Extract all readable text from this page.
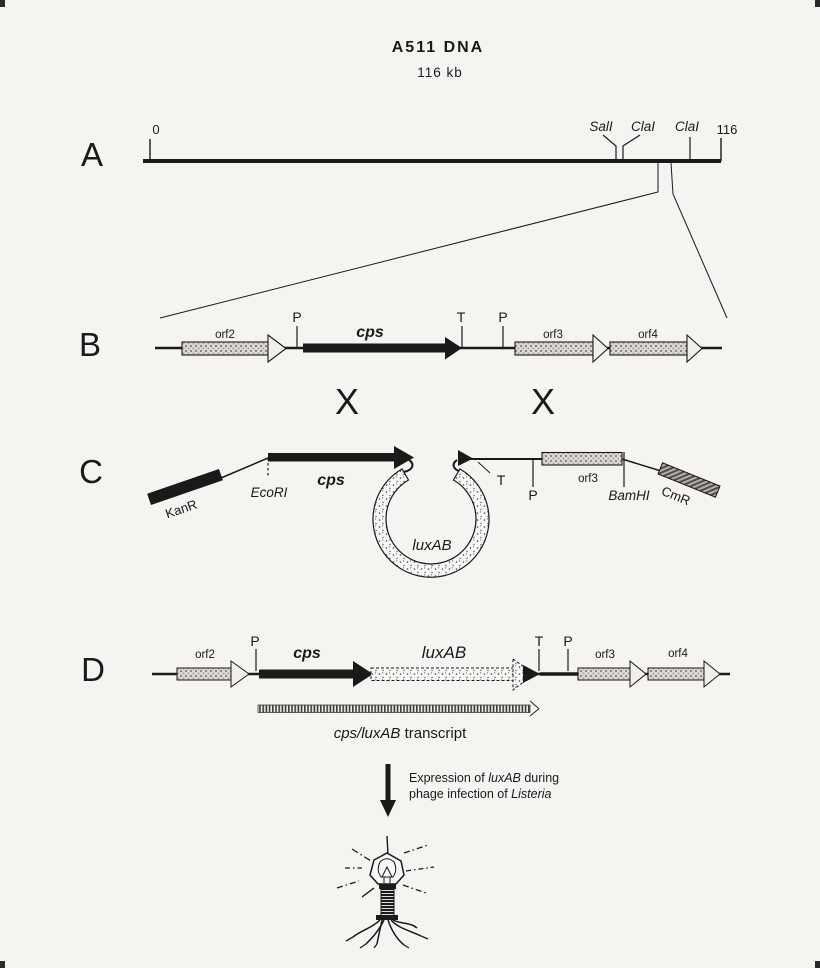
A511 DNA
116 kb
A
0	116
SalI ClaI ClaI
B	orf2
P
cps
T P
orf3	orf4
X	X
C
KanR
EcoRI
cps
luxAB
T
P
orf3
BamHI CmR
D	orf2
P
cps	luxAB
T P
orf3	orf4
cps/luxAB transcript
Expression of luxAB during
phage infection of Listeria
